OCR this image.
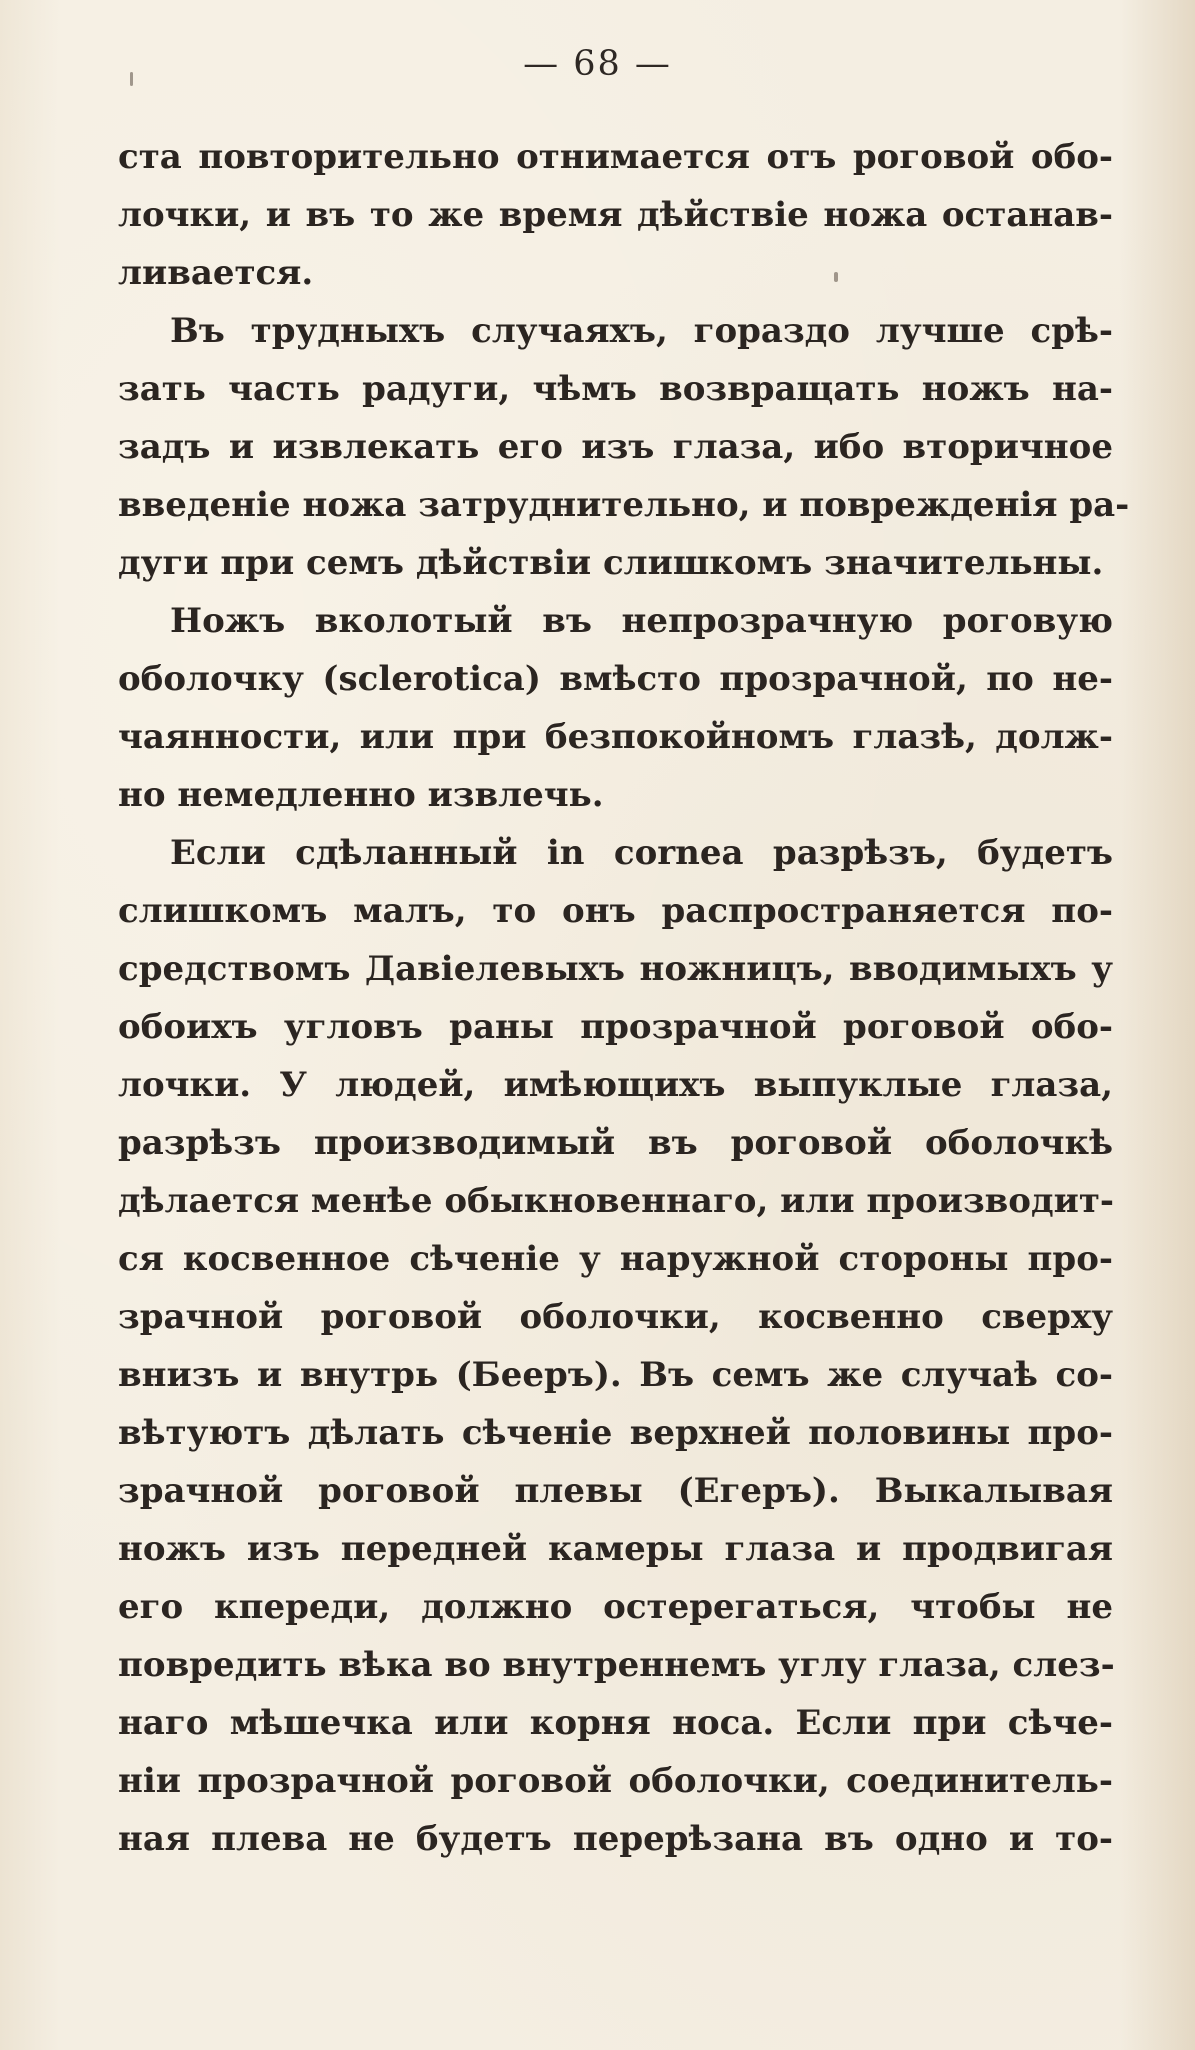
— 68 —
ста повторительно отнимается отъ роговой обо-
лочки, и въ то же время дѣйствіе ножа останав-
ливается.
Въ трудныхъ случаяхъ, гораздо лучше срѣ-
зать часть радуги, чѣмъ возвращать ножъ на-
задъ и извлекать его изъ глаза, ибо вторичное
введеніе ножа затруднительно, и поврежденія ра-
дуги при семъ дѣйствіи слишкомъ значительны.
Ножъ вколотый въ непрозрачную роговую
оболочку (sclerotica) вмѣсто прозрачной, по не-
чаянности, или при безпокойномъ глазѣ, долж-
но немедленно извлечь.
Если сдѣланный in cornea разрѣзъ, будетъ
слишкомъ малъ, то онъ распространяется по-
средствомъ Давіелевыхъ ножницъ, вводимыхъ у
обоихъ угловъ раны прозрачной роговой обо-
лочки. У людей, имѣющихъ выпуклые глаза,
разрѣзъ производимый въ роговой оболочкѣ
дѣлается менѣе обыкновеннаго, или производит-
ся косвенное сѣченіе у наружной стороны про-
зрачной роговой оболочки, косвенно сверху
внизъ и внутрь (Беeръ). Въ семъ же случаѣ со-
вѣтуютъ дѣлать сѣченіе верхней половины про-
зрачной роговой плевы (Егеръ). Выкалывая
ножъ изъ передней камеры глаза и продвигая
его кпереди, должно остерегаться, чтобы не
повредить вѣка во внутреннемъ углу глаза, слез-
наго мѣшечка или корня носа. Если при сѣче-
ніи прозрачной роговой оболочки, соединитель-
ная плева не будетъ перерѣзана въ одно и то-
